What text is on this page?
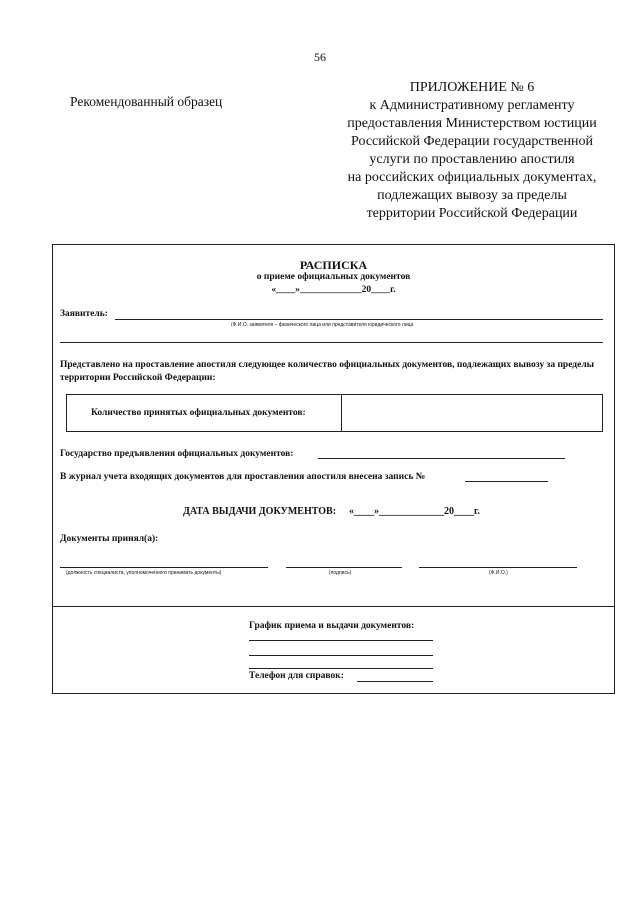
56
Рекомендованный образец
ПРИЛОЖЕНИЕ № 6
к Административному регламенту
предоставления Министерством юстиции
Российской Федерации государственной
услуги по проставлению апостиля
на российских официальных документах,
подлежащих вывозу за пределы
территории Российской Федерации
РАСПИСКА
о приеме официальных документов
«____»_____________20____г.
Заявитель:
(Ф.И.О. заявителя – физического лица или представителя юридического лица
Представлено на проставление апостиля следующее количество официальных документов, подлежащих вывозу за пределы территории Российской Федерации:
Количество принятых официальных документов:
Государство предъявления официальных документов:
В журнал учета входящих документов для проставления апостиля внесена запись №
ДАТА ВЫДАЧИ ДОКУМЕНТОВ: «____»_____________20____г.
Документы принял(а):
(должность специалиста, уполномоченного принимать документы)	(подпись)	(Ф.И.О.)
График приема и выдачи документов:
Телефон для справок:
